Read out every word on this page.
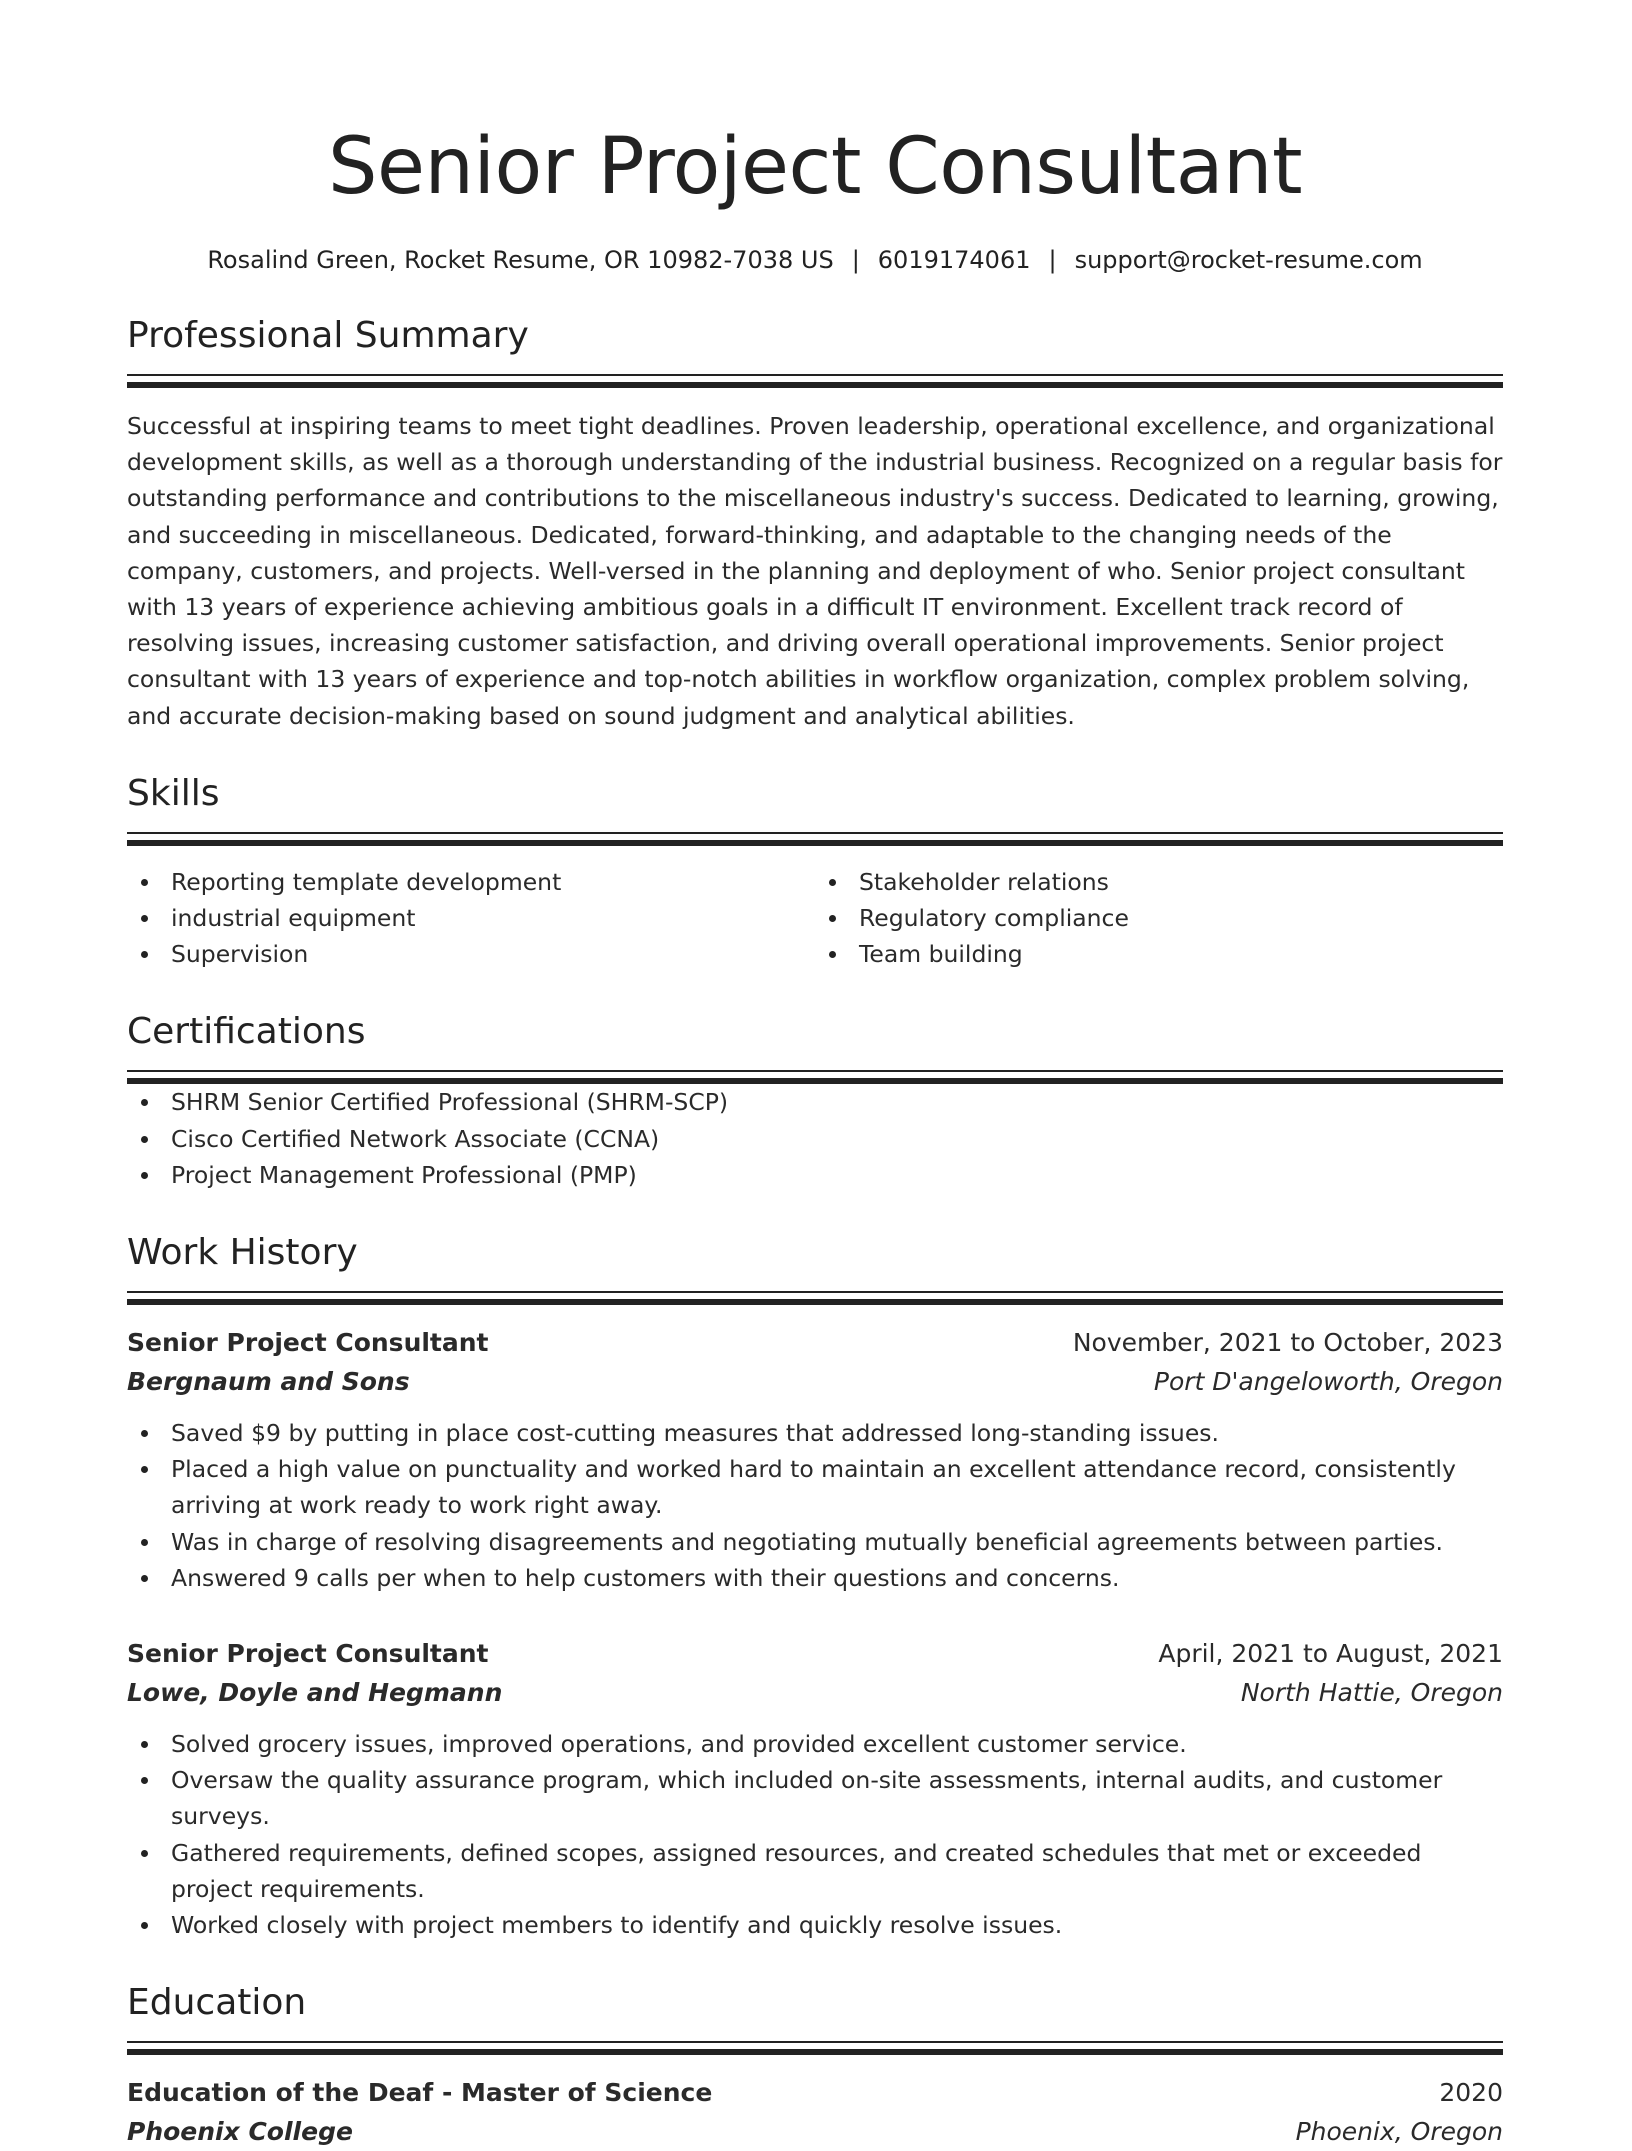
Senior Project Consultant
Rosalind Green, Rocket Resume, OR 10982-7038 US | 6019174061 | support@rocket-resume.com
Professional Summary
Successful at inspiring teams to meet tight deadlines. Proven leadership, operational excellence, and organizational development skills, as well as a thorough understanding of the industrial business. Recognized on a regular basis for outstanding performance and contributions to the miscellaneous industry's success. Dedicated to learning, growing, and succeeding in miscellaneous. Dedicated, forward-thinking, and adaptable to the changing needs of the company, customers, and projects. Well-versed in the planning and deployment of who. Senior project consultant with 13 years of experience achieving ambitious goals in a difficult IT environment. Excellent track record of resolving issues, increasing customer satisfaction, and driving overall operational improvements. Senior project consultant with 13 years of experience and top-notch abilities in workflow organization, complex problem solving, and accurate decision-making based on sound judgment and analytical abilities.
Skills
Reporting template development
industrial equipment
Supervision
Stakeholder relations
Regulatory compliance
Team building
Certifications
SHRM Senior Certified Professional (SHRM-SCP)
Cisco Certified Network Associate (CCNA)
Project Management Professional (PMP)
Work History
Senior Project Consultant	November, 2021 to October, 2023
Bergnaum and Sons	Port D'angeloworth, Oregon
Saved $9 by putting in place cost-cutting measures that addressed long-standing issues.
Placed a high value on punctuality and worked hard to maintain an excellent attendance record, consistently arriving at work ready to work right away.
Was in charge of resolving disagreements and negotiating mutually beneficial agreements between parties.
Answered 9 calls per when to help customers with their questions and concerns.
Senior Project Consultant	April, 2021 to August, 2021
Lowe, Doyle and Hegmann	North Hattie, Oregon
Solved grocery issues, improved operations, and provided excellent customer service.
Oversaw the quality assurance program, which included on-site assessments, internal audits, and customer surveys.
Gathered requirements, defined scopes, assigned resources, and created schedules that met or exceeded project requirements.
Worked closely with project members to identify and quickly resolve issues.
Education
Education of the Deaf - Master of Science	2020
Phoenix College	Phoenix, Oregon
